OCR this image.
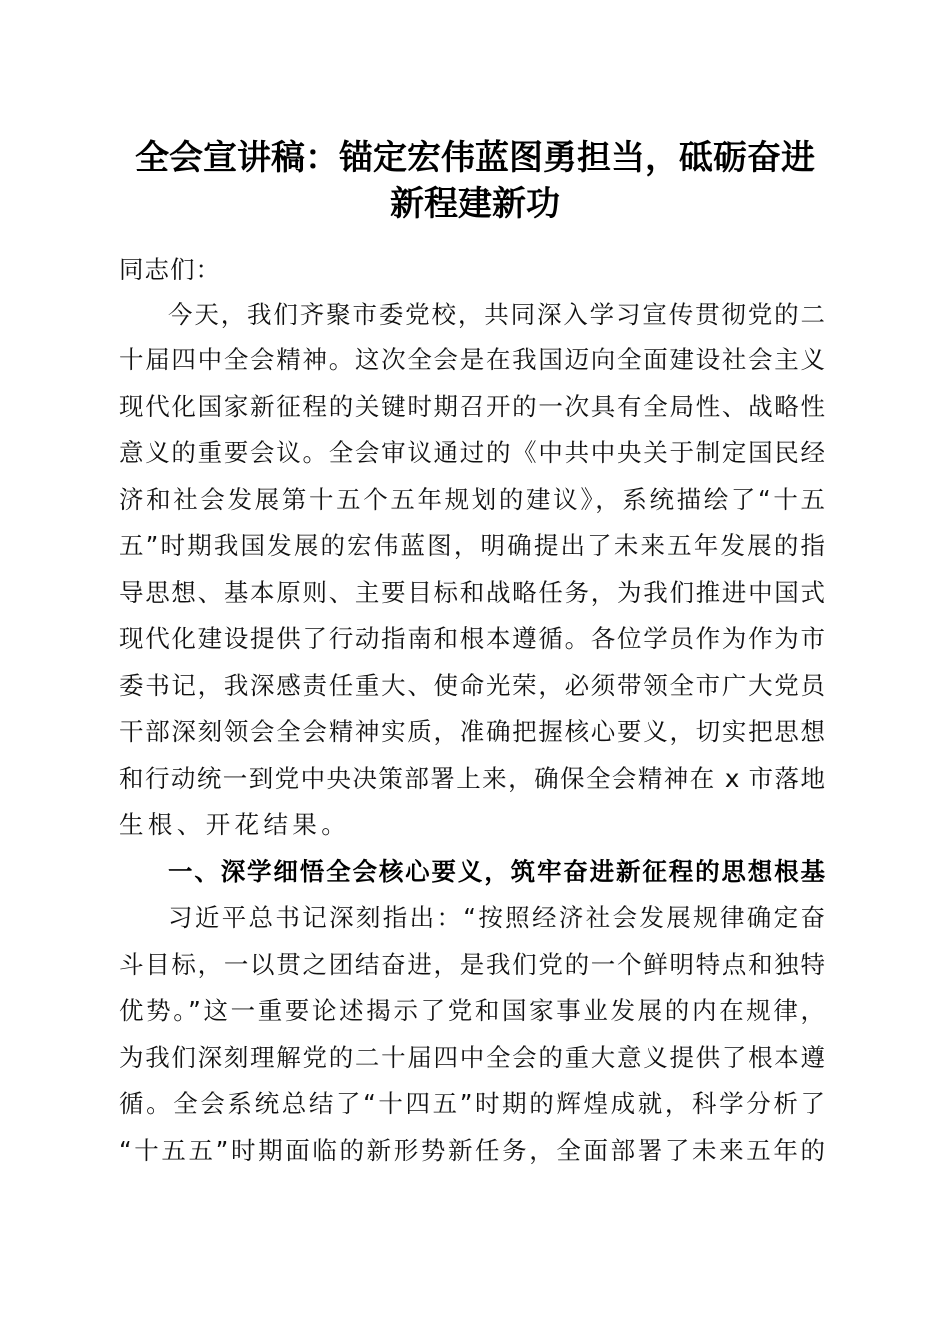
全会宣讲稿：锚定宏伟蓝图勇担当，砥砺奋进
新程建新功
同志们：
今天，我们齐聚市委党校，共同深入学习宣传贯彻党的二
十届四中全会精神。这次全会是在我国迈向全面建设社会主义
现代化国家新征程的关键时期召开的一次具有全局性、战略性
意义的重要会议。全会审议通过的《中共中央关于制定国民经
济和社会发展第十五个五年规划的建议》，系统描绘了“十五
五”时期我国发展的宏伟蓝图，明确提出了未来五年发展的指
导思想、基本原则、主要目标和战略任务，为我们推进中国式
现代化建设提供了行动指南和根本遵循。各位学员作为作为市
委书记，我深感责任重大、使命光荣，必须带领全市广大党员
干部深刻领会全会精神实质，准确把握核心要义，切实把思想
和行动统一到党中央决策部署上来，确保全会精神在 x 市落地
生根、开花结果。
一、深学细悟全会核心要义，筑牢奋进新征程的思想根基
习近平总书记深刻指出：“按照经济社会发展规律确定奋
斗目标，一以贯之团结奋进，是我们党的一个鲜明特点和独特
优势。”这一重要论述揭示了党和国家事业发展的内在规律，
为我们深刻理解党的二十届四中全会的重大意义提供了根本遵
循。全会系统总结了“十四五”时期的辉煌成就，科学分析了
“十五五”时期面临的新形势新任务，全面部署了未来五年的
